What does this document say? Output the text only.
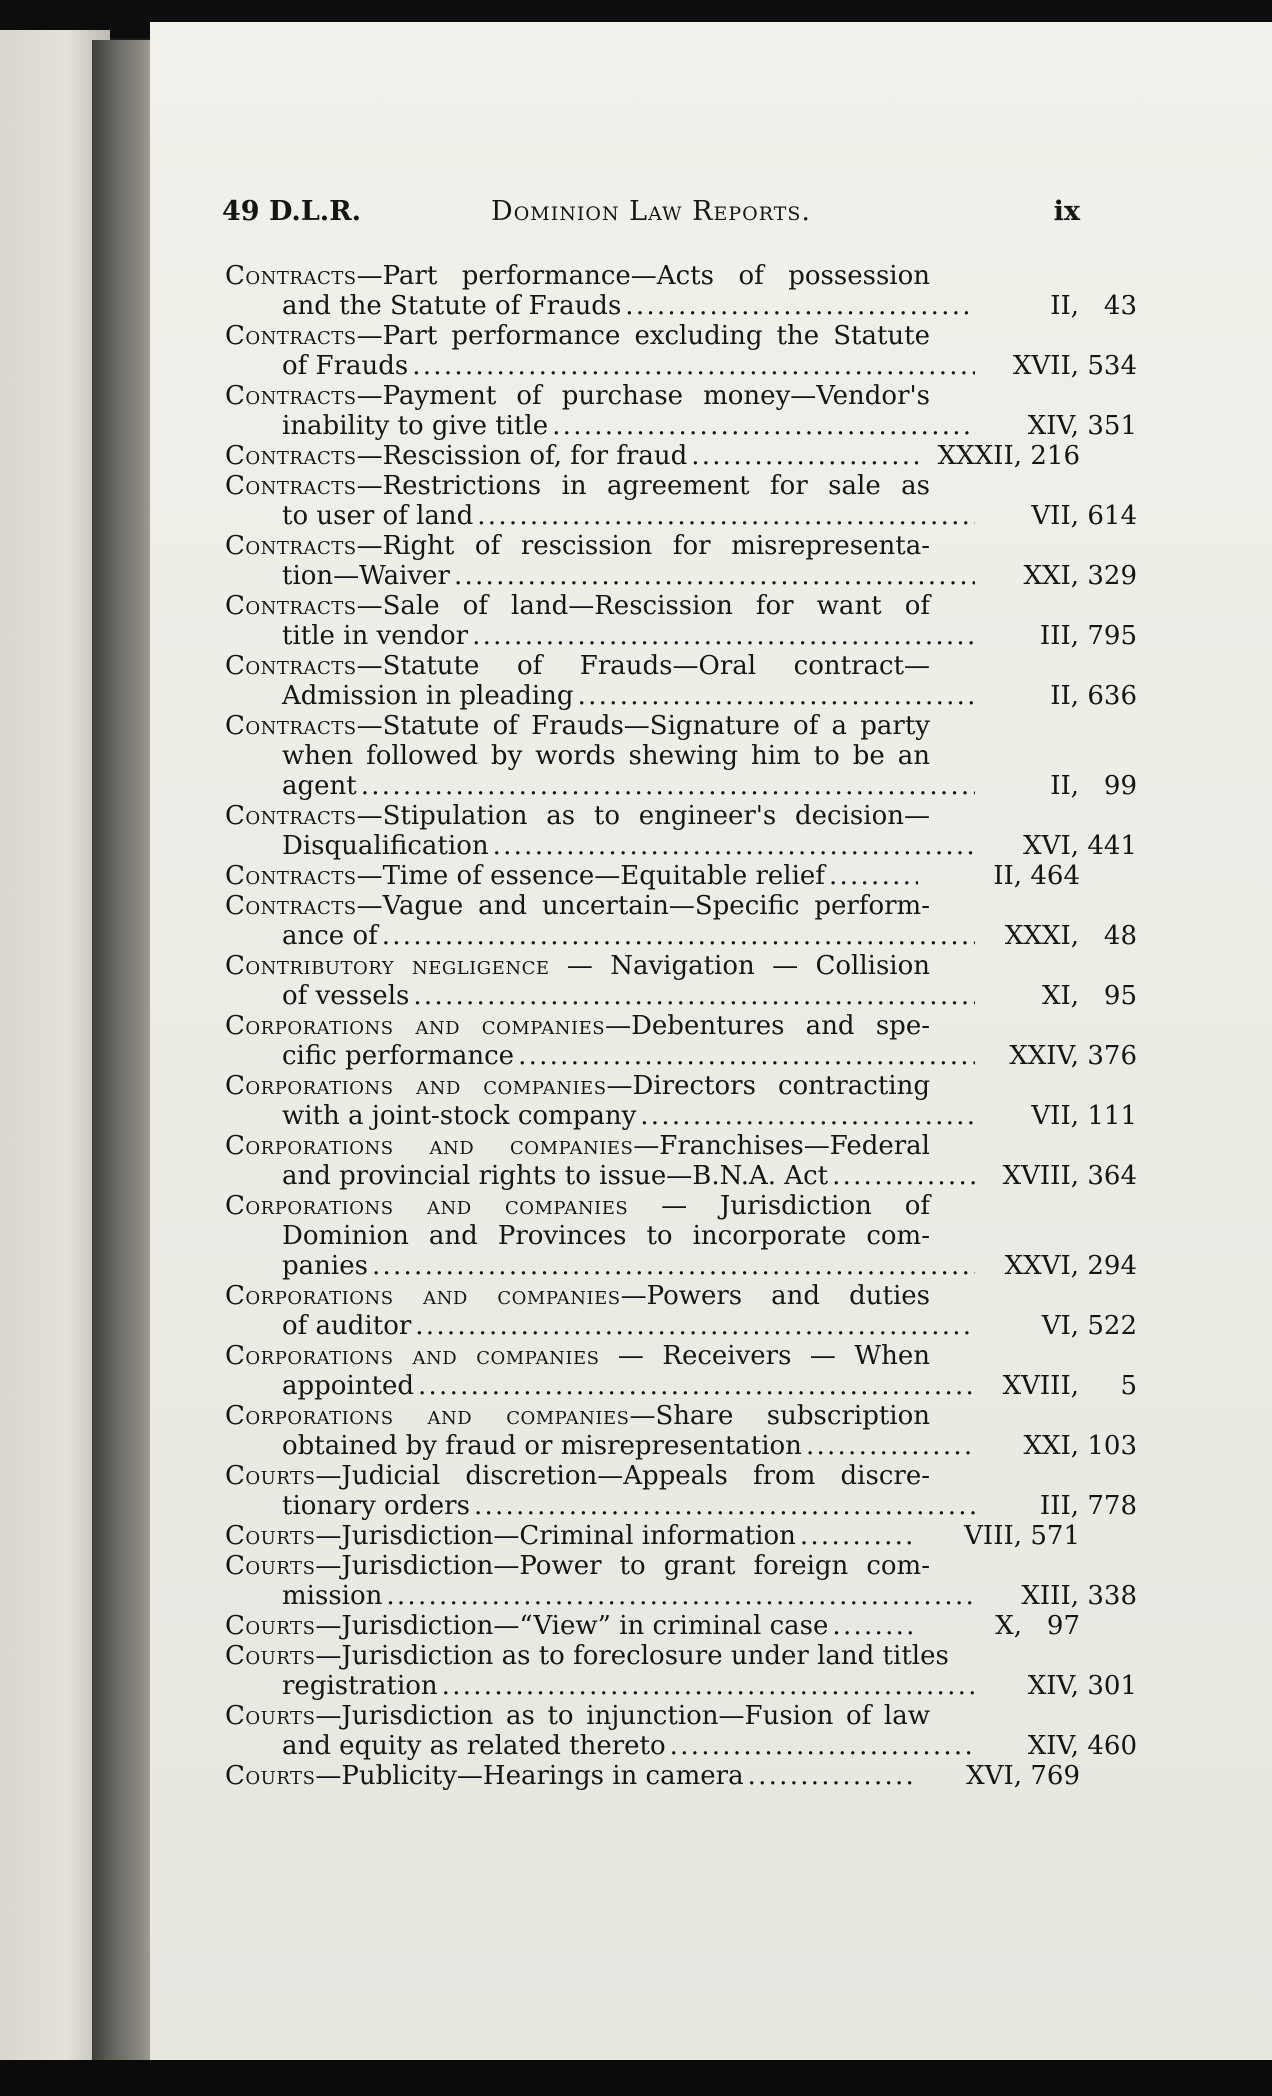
49 D.L.R.	Dominion Law Reports.	ix
Contracts—Part performance—Acts of possession
and the Statute of Frauds . . .	II, 43
Contracts—Part performance excluding the Statute
of Frauds . . .	XVII, 534
Contracts—Payment of purchase money—Vendor's
inability to give title . . .	XIV, 351
Contracts—Rescission of, for fraud . . .	XXXII, 216
Contracts—Restrictions in agreement for sale as
to user of land . . .	VII, 614
Contracts—Right of rescission for misrepresenta-
tion—Waiver . . .	XXI, 329
Contracts—Sale of land—Rescission for want of
title in vendor . . .	III, 795
Contracts—Statute of Frauds—Oral contract—
Admission in pleading . . .	II, 636
Contracts—Statute of Frauds—Signature of a party
when followed by words shewing him to be an
agent . . .	II, 99
Contracts—Stipulation as to engineer's decision—
Disqualification . . .	XVI, 441
Contracts—Time of essence—Equitable relief . . .	II, 464
Contracts—Vague and uncertain—Specific perform-
ance of . . .	XXXI, 48
Contributory negligence — Navigation — Collision
of vessels . . .	XI, 95
Corporations and companies—Debentures and spe-
cific performance . . .	XXIV, 376
Corporations and companies—Directors contracting
with a joint-stock company . . .	VII, 111
Corporations and companies—Franchises—Federal
and provincial rights to issue—B.N.A. Act . . .	XVIII, 364
Corporations and companies — Jurisdiction of
Dominion and Provinces to incorporate com-
panies . . .	XXVI, 294
Corporations and companies—Powers and duties
of auditor . . .	VI, 522
Corporations and companies — Receivers — When
appointed . . .	XVIII,	5
Corporations and companies—Share subscription
obtained by fraud or misrepresentation . . .	XXI, 103
Courts—Judicial discretion—Appeals from discre-
tionary orders . . .	III, 778
Courts—Jurisdiction—Criminal information . . .	VIII, 571
Courts—Jurisdiction—Power to grant foreign com-
mission . . .	XIII, 338
Courts—Jurisdiction—“View” in criminal case . . .	X, 97
Courts—Jurisdiction as to foreclosure under land titles
registration . . .	XIV, 301
Courts—Jurisdiction as to injunction—Fusion of law
and equity as related thereto . . .	XIV, 460
Courts—Publicity—Hearings in camera . . .	XVI, 769
